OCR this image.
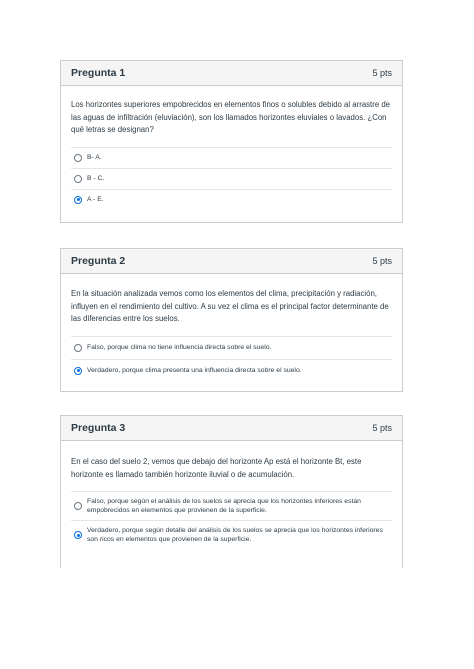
Pregunta 1	5 pts

Los horizontes superiores empobrecidos en elementos finos o solubles debido al arrastre de las aguas de infiltración (eluviación), son los llamados horizontes eluviales o lavados. ¿Con qué letras se designan?

B- A.
B - C.
A - E.
Pregunta 2	5 pts

En la situación analizada vemos como los elementos del clima, precipitación y radiación, influyen en el rendimiento del cultivo. A su vez el clima es el principal factor determinante de las diferencias entre los suelos.

Falso, porque clima no tiene influencia directa sobre el suelo.
Verdadero, porque clima presenta una influencia directa sobre el suelo.
Pregunta 3	5 pts

En el caso del suelo 2, vemos que debajo del horizonte Ap está el horizonte Bt, este horizonte es llamado también horizonte iluvial o de acumulación.

Falso, porque según el análisis de los suelos se aprecia que los horizontes inferiores están empobrecidos en elementos que provienen de la superficie.
Verdadero, porque según detalle del análisis de los suelos se aprecia que los horizontes inferiores son ricos en elementos que provienen de la superficie.
